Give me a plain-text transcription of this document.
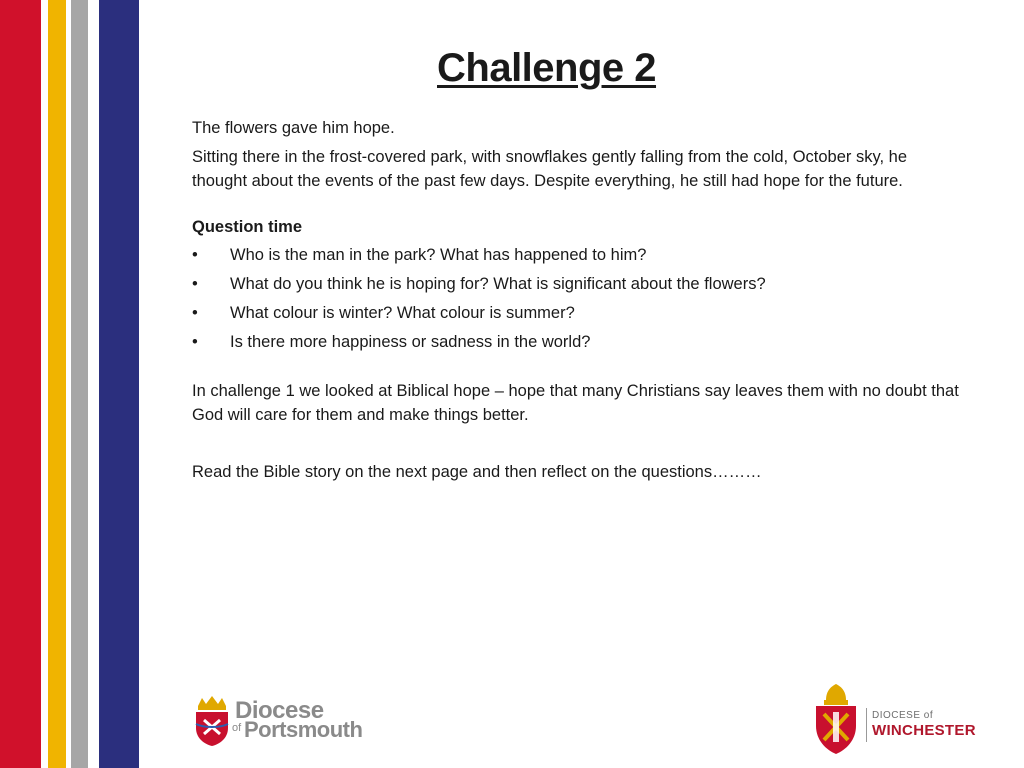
Challenge 2

The flowers gave him hope.

Sitting there in the frost-covered park, with snowflakes gently falling from the cold, October sky, he thought about the events of the past few days. Despite everything, he still had hope for the future.

Question time

•	Who is the man in the park? What has happened to him?
•	What do you think he is hoping for? What is significant about the flowers?
•	What colour is winter? What colour is summer?
•	Is there more happiness or sadness in the world?

In challenge 1 we looked at Biblical hope – hope that many Christians say leaves them with no doubt that God will care for them and make things better.

Read the Bible story on the next page and then reflect on the questions………

Diocese
of Portsmouth
DIOCESE of
WINCHESTER
